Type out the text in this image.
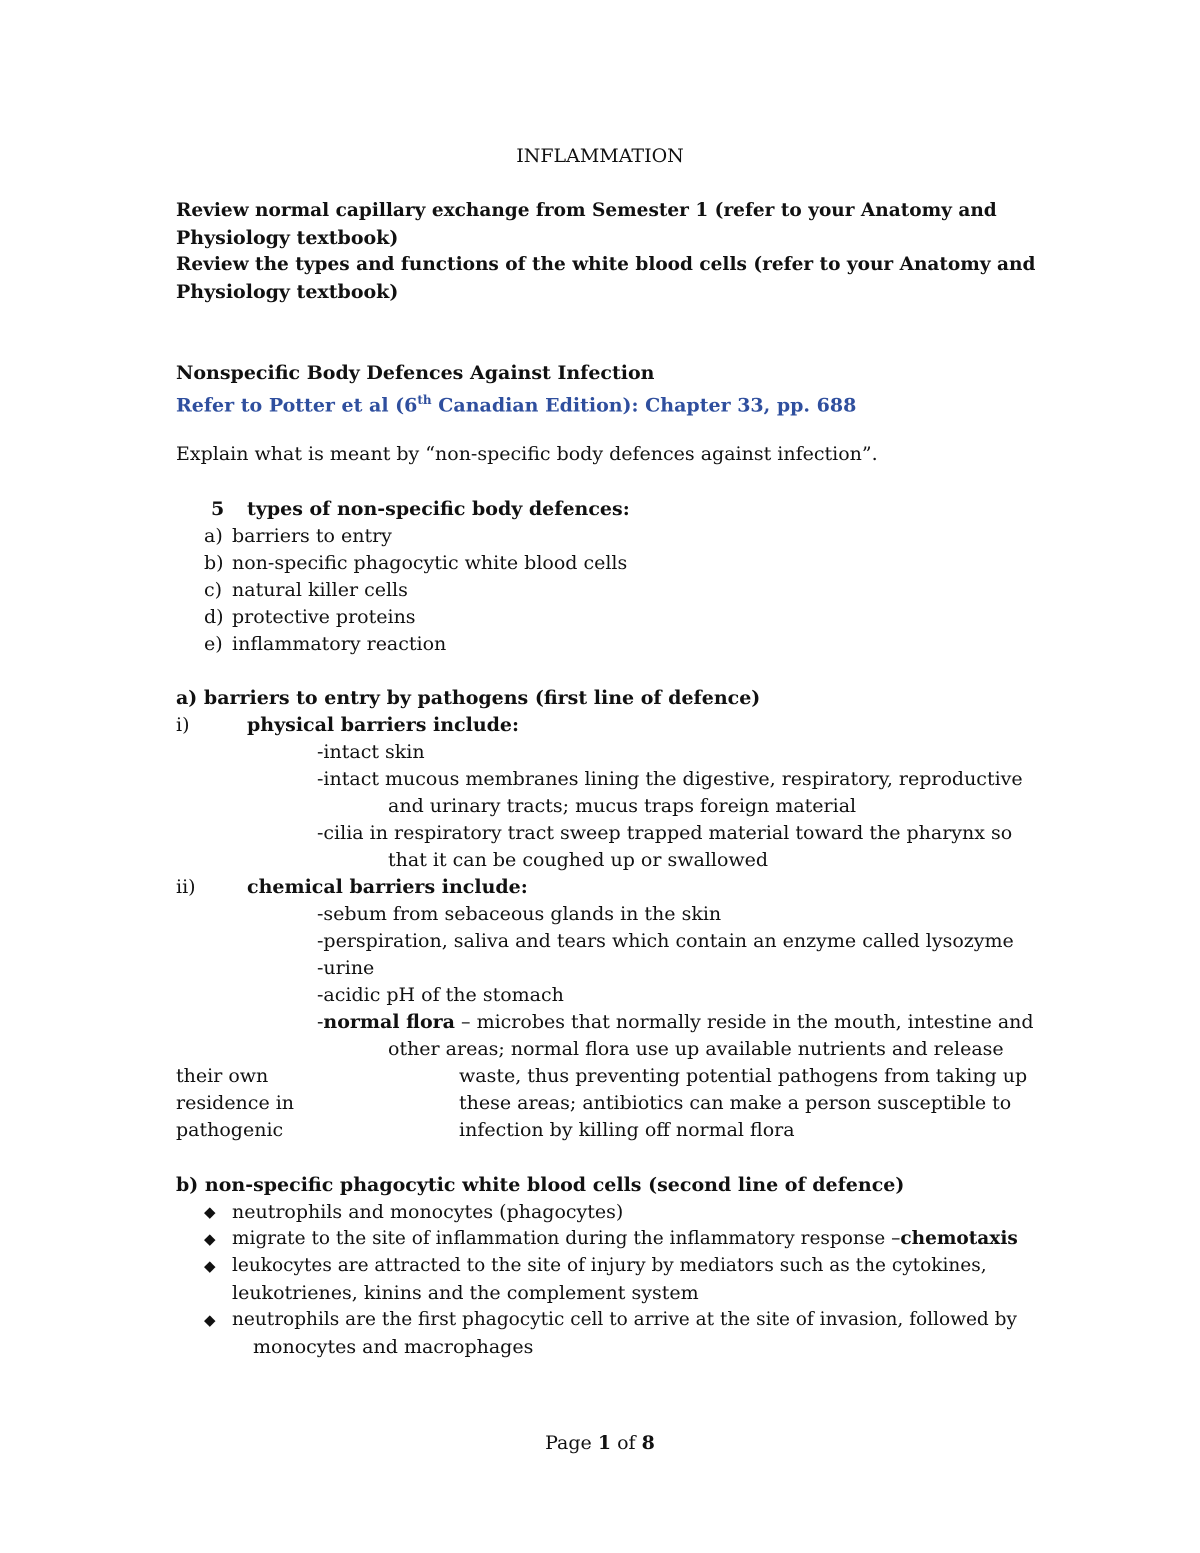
INFLAMMATION
Review normal capillary exchange from Semester 1 (refer to your Anatomy and
Physiology textbook)
Review the types and functions of the white blood cells (refer to your Anatomy and
Physiology textbook)
Nonspecific Body Defences Against Infection
Refer to Potter et al (6th Canadian Edition): Chapter 33, pp. 688
Explain what is meant by “non-specific body defences against infection”.
5 types of non-specific body defences:
a) barriers to entry
b) non-specific phagocytic white blood cells
c) natural killer cells
d) protective proteins
e) inflammatory reaction
a) barriers to entry by pathogens (first line of defence)
i)	physical barriers include:
-intact skin
-intact mucous membranes lining the digestive, respiratory, reproductive
and urinary tracts; mucus traps foreign material
-cilia in respiratory tract sweep trapped material toward the pharynx so
that it can be coughed up or swallowed
ii)	chemical barriers include:
-sebum from sebaceous glands in the skin
-perspiration, saliva and tears which contain an enzyme called lysozyme
-urine
-acidic pH of the stomach
-normal flora – microbes that normally reside in the mouth, intestine and
other areas; normal flora use up available nutrients and release
their own	waste, thus preventing potential pathogens from taking up
residence in	these areas; antibiotics can make a person susceptible to
pathogenic	infection by killing off normal flora
b) non-specific phagocytic white blood cells (second line of defence)
◆ neutrophils and monocytes (phagocytes)
◆ migrate to the site of inflammation during the inflammatory response –chemotaxis
◆ leukocytes are attracted to the site of injury by mediators such as the cytokines,
leukotrienes, kinins and the complement system
◆ neutrophils are the first phagocytic cell to arrive at the site of invasion, followed by
monocytes and macrophages
Page 1 of 8
